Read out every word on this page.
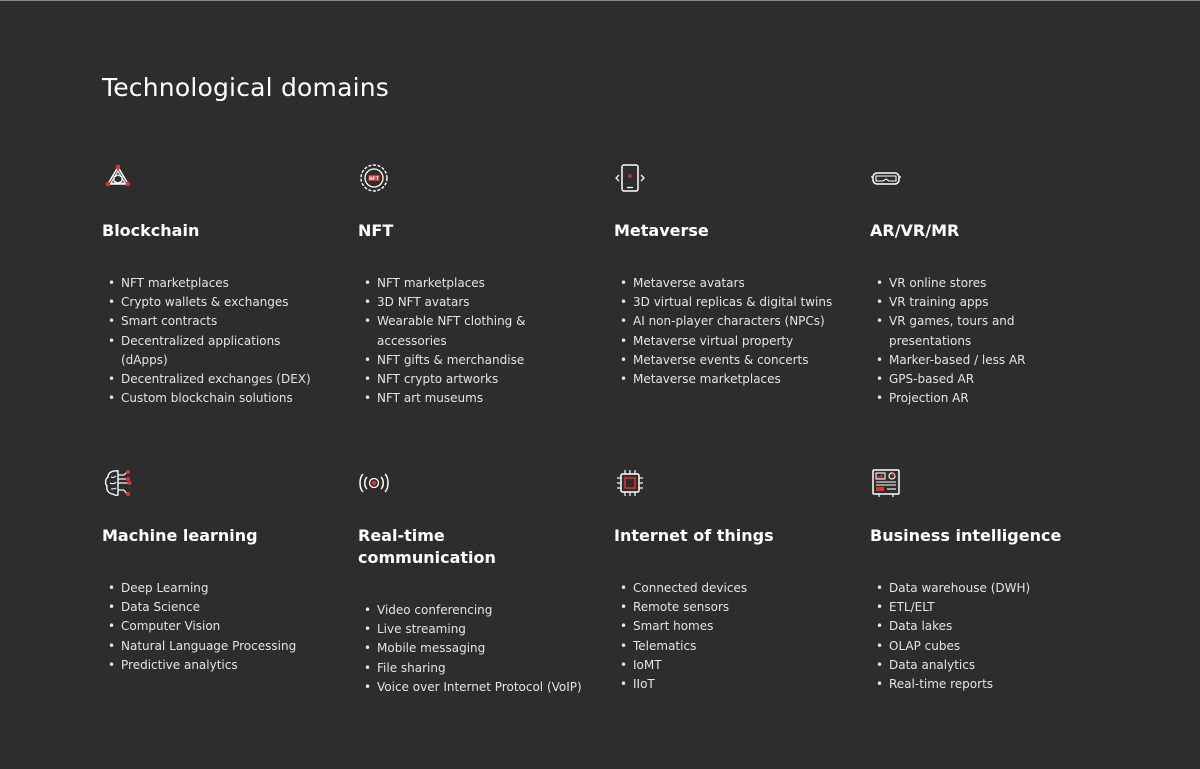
Technological domains
Blockchain
• NFT marketplaces
• Crypto wallets & exchanges
• Smart contracts
• Decentralized applications (dApps)
• Decentralized exchanges (DEX)
• Custom blockchain solutions
NFT
NFT
• NFT marketplaces
• 3D NFT avatars
• Wearable NFT clothing & accessories
• NFT gifts & merchandise
• NFT crypto artworks
• NFT art museums
Metaverse
• Metaverse avatars
• 3D virtual replicas & digital twins
• AI non-player characters (NPCs)
• Metaverse virtual property
• Metaverse events & concerts
• Metaverse marketplaces
AR/VR/MR
• VR online stores
• VR training apps
• VR games, tours and presentations
• Marker-based / less AR
• GPS-based AR
• Projection AR
Machine learning
• Deep Learning
• Data Science
• Computer Vision
• Natural Language Processing
• Predictive analytics
Real-time communication
• Video conferencing
• Live streaming
• Mobile messaging
• File sharing
• Voice over Internet Protocol (VoIP)
Internet of things
• Connected devices
• Remote sensors
• Smart homes
• Telematics
• IoMT
• IIoT
Business intelligence
• Data warehouse (DWH)
• ETL/ELT
• Data lakes
• OLAP cubes
• Data analytics
• Real-time reports
